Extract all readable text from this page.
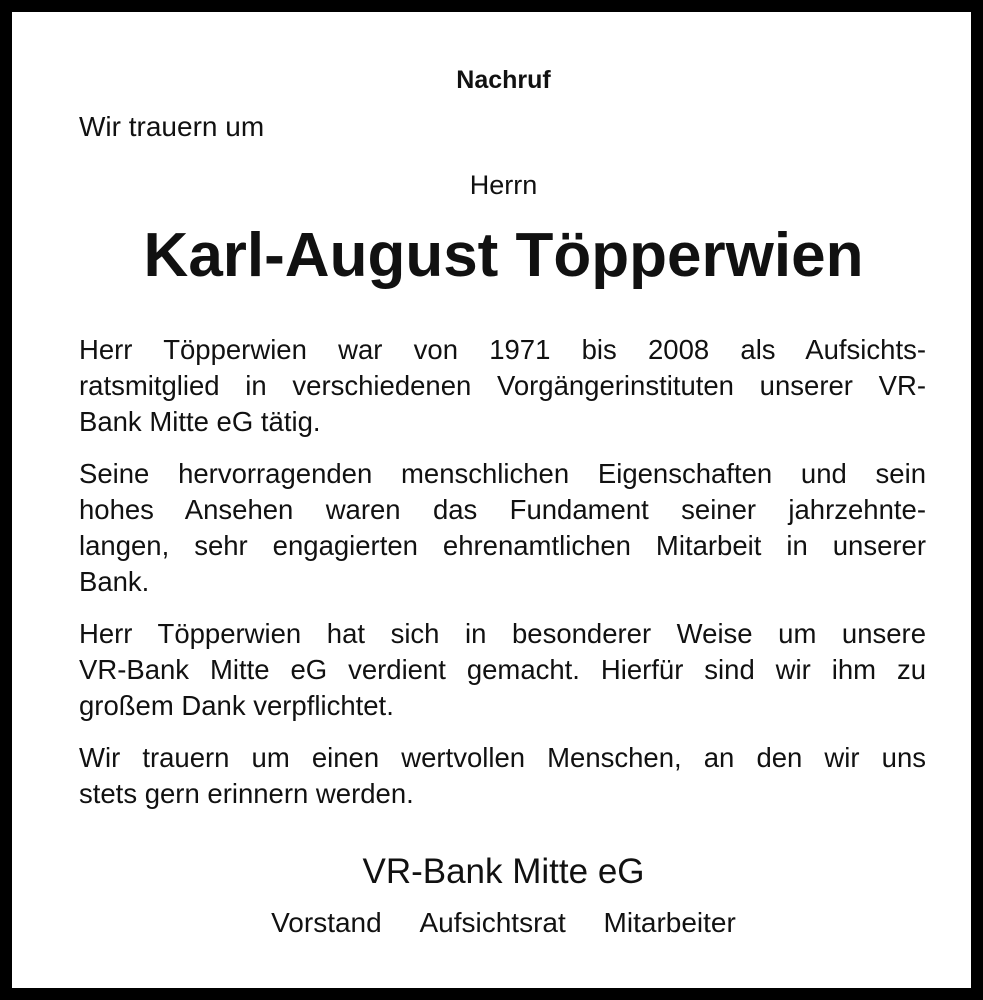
Nachruf
Wir trauern um
Herrn
Karl-August Töpperwien
Herr Töpperwien war von 1971 bis 2008 als Aufsichts-
ratsmitglied in verschiedenen Vorgängerinstituten unserer VR-
Bank Mitte eG tätig.
Seine hervorragenden menschlichen Eigenschaften und sein
hohes Ansehen waren das Fundament seiner jahrzehnte-
langen, sehr engagierten ehrenamtlichen Mitarbeit in unserer
Bank.
Herr Töpperwien hat sich in besonderer Weise um unsere
VR-Bank Mitte eG verdient gemacht. Hierfür sind wir ihm zu
großem Dank verpflichtet.
Wir trauern um einen wertvollen Menschen, an den wir uns
stets gern erinnern werden.
VR-Bank Mitte eG
Vorstand Aufsichtsrat Mitarbeiter
